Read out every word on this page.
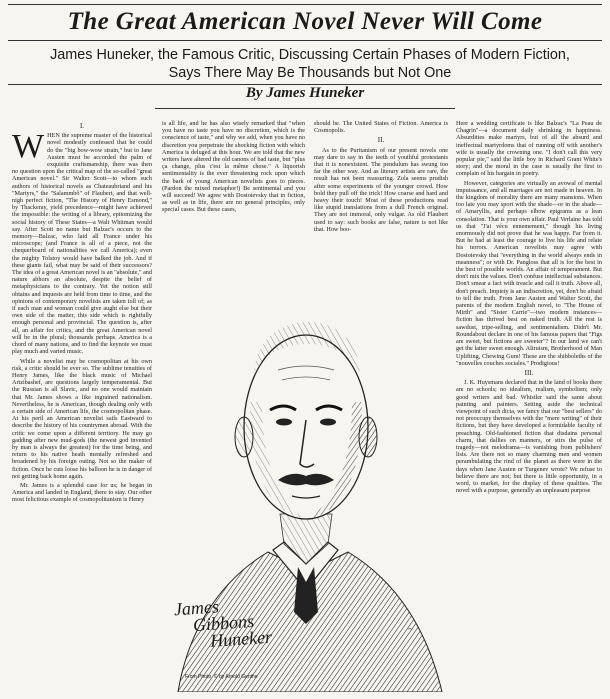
The Great American Novel Never Will Come
James Huneker, the Famous Critic, Discussing Certain Phases of Modern Fiction, Says There May Be Thousands but Not One
By James Huneker
I.

WHEN the supreme master of the historical novel modestly confessed that he could do the "big bow-wow strain," but to Jane Austen must be accorded the palm of exquisite craftsmanship, there was then no question upon the critical map of the so-called "great American novel." Sir Walter Scott—to whom such authors of historical novels as Chateaubriand and his "Martyrs," the "Salammbô" of Flaubert, and that well-nigh perfect fiction, "The History of Henry Esmond," by Thackeray, yield precedence—might have achieved the impossible: the writing of a library, epitomizing the social history of These States—a Walt Whitman would say. After Scott no name but Balzac's occurs to the memory—Balzac, who laid all France under his microscope; (and France is all of a piece, not the chequerboard of nationalities we call America); even the mighty Tolstoy would have balked the job. And if these giants fail, what may be said of their successors? The idea of a great American novel is an "absolute," and nature abhors an absolute, despite the belief of metaphysicians to the contrary. Yet the notion still obtains and inquests are held from time to time, and the opinions of contemporary novelists are taken toll of; as if each man and woman could give aught else but their own side of the matter, this side which is rightfully enough personal and provincial. The question is, after all, an affair for critics, and the great American novel will be in the plural; thousands perhaps. America is a chord of many nations, and to find the keynote we must play much and varied music.

While a novelist may be cosmopolitan at his own risk, a critic should be ever so. The sublime tenuities of Henry James, like the black music of Michael Artzibashef, are questions largely temperamental. But the Russian is all Slavic, and no one would maintain that Mr. James shows a like ingrained nationalism. Nevertheless, he is American, though dealing only with a certain side of American life, the cosmopolitan phase. At his peril an American novelist sails Eastward to describe the history of his countrymen abroad. With the critic we come upon a different territory. He may go gadding after new mud-gods (the newest god invented by man is always the greatest) for the time being, and return to his native heath mentally refreshed and broadened by his foreign outing. Not so the maker of fiction. Once he cuts loose his balloon he is in danger of not getting back home again.

Mr. James is a splendid case for us; he began in America and landed in England, there to stay. Our other most felicitous example of cosmopolitanism is Henry

is all life, and he has also wisely remarked that "when you have no taste you have no discretion, which is the conscience of taste," and why we add, when you have no discretion you perpetrate the shocking fiction with which America is deluged at this hour. We are told that the new writers have altered the old canons of bad taste, but "plus ça change, plus c'est la même chose." A liquorish sentimentality is the ever threatening rock upon which the bark of young American novelists goes to pieces. (Pardon the mixed metaphor!) Be sentimental and you will succeed! We agree with Dostoievsky that in fiction, as well as in life, there are no general principles, only special cases. But these cases,

should be. The United States of Fiction. America is Cosmopolis.

II.

As to the Puritanism of our present novels one may dare to say in the teeth of youthful protestants that it is nonexistent. The pendulum has swung too far the other way. And as literary artists are rare, the result has not been reassuring. Zola seems prudish after some experiments of the younger crowd. How bold they pull off the trick! How coarse and hard and heavy their touch! Most of these productions read like stupid translations from a dull French original. They are not immoral, only vulgar. As old Flaubert used to say: such books are false, nature is not like that. How boo-

Here a wedding certificate is like Balzac's "La Peau de Chagrin"—a document daily shrinking in happiness. Absurdities make martyrs, but of all the absurd and ineffectual martyrdoms that of running off with another's wife is usually the crowning one. "I don't call this very popular pie," said the little boy in Richard Grant White's story; and the moral in the case is usually the first to complain of his bargain in poetry.

However, categories are virtually an avowal of mental impuissance, and all marriages are not made in heaven. In the kingdom of morality there are many mansions. When too late you may sport with the shade—or in the shade—of Amaryllis, and perhaps elbow epigrams as a lean consolation. That is your own affair. Paul Verlaine has told us that "J'ai vécu ennemement," though his living enormously did not prove that he was happy. Far from it. But he had at least the courage to live his life and relate his terrors. American novelists may agree with Dostoievsky that "everything in the world always ends in meanness"; or with Dr. Pangloss that all is for the best in the best of possible worlds. An affair of temperament. But don't mix the values. Don't confuse intellectual substances. Don't smear a fact with treacle and call it truth. Above all, don't preach. Impiety is an indiscretion, yet, don't be afraid to tell the truth. From Jane Austen and Walter Scott, the parents of the modern English novel, to "The House of Mirth" and "Sister Carrie"—two modern instances—fiction has thrived best on naked truth. All the rest is sawdust, tripe-selling, and sentimentalism. Didn't Mr. Roundabout declare in one of his famous papers that "Figs are sweet, but fictions are sweeter"? In our land we can't get the latter sweet enough. Altruism, Brotherhood of Man Uplifting, Chewing Gum! These are the shibboleths of the "nouvelles couches sociales." Prodigious!

III.

J. K. Huysmans declared that in the land of books there are no schools; no idealism, realism, symbolism; only good writers and bad. Whistler said the same about painting and painters. Setting aside the technical viewpoint of such dicta, we fancy that our "best sellers" do not preoccupy themselves with the "mere writing" of their fictions, but they have developed a formidable faculty of preaching. Old-fashioned fiction that disdains personal charm, that dallies on manners, or stirs the pulse of tragedy—not melodrama—is vanishing from publishers' lists. Are there not so many charming men and women perambulating the rind of the planet as there were in the days when Jane Austen or Turgenev wrote? We refuse to believe there are not; but there is little opportunity, in a word, to market, for the display of these qualities. The novel with a purpose, generally an unpleasant purpose

~
James
Gibbons
Huneker
From Photo. © by Arnold Genthe
